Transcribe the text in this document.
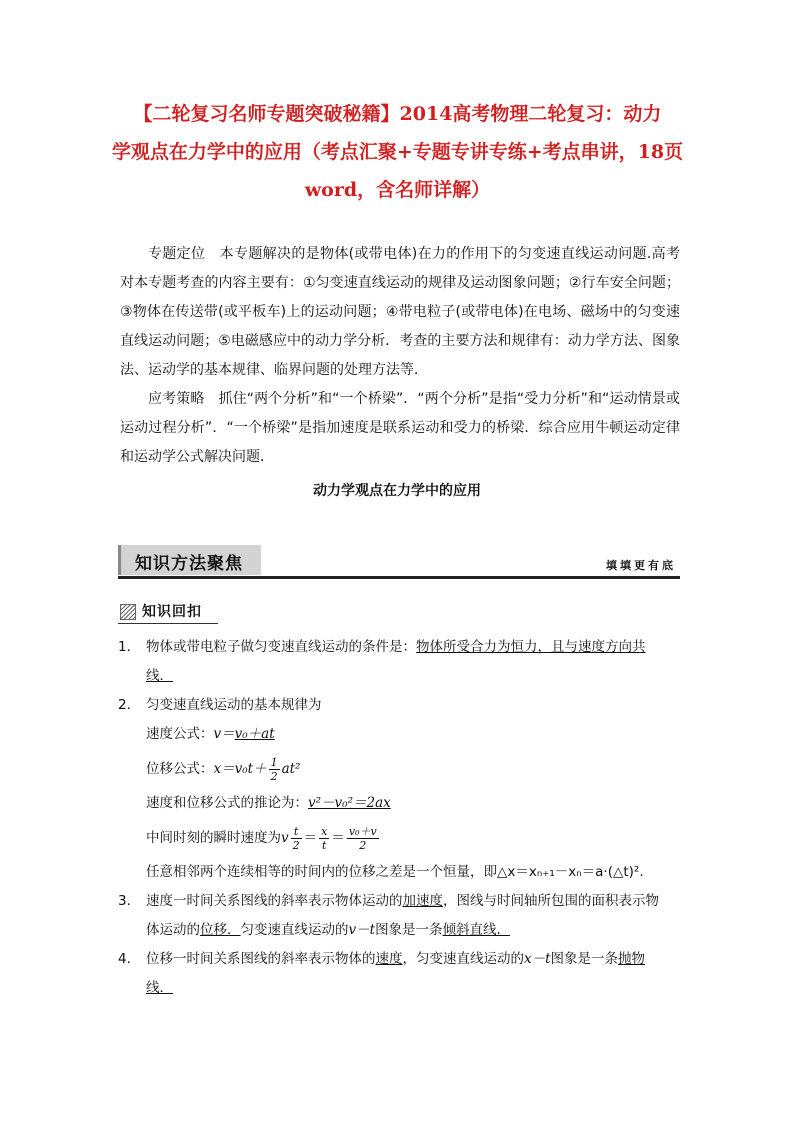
【二轮复习名师专题突破秘籍】2014高考物理二轮复习：动力
学观点在力学中的应用（考点汇聚+专题专讲专练+考点串讲，18页
word，含名师详解）

专题定位　本专题解决的是物体(或带电体)在力的作用下的匀变速直线运动问题.高考对本专题考查的内容主要有：①匀变速直线运动的规律及运动图象问题；②行车安全问题；③物体在传送带(或平板车)上的运动问题；④带电粒子(或带电体)在电场、磁场中的匀变速直线运动问题；⑤电磁感应中的动力学分析．考查的主要方法和规律有：动力学方法、图象法、运动学的基本规律、临界问题的处理方法等．

应考策略　抓住“两个分析”和“一个桥梁”．“两个分析”是指“受力分析”和“运动情景或运动过程分析”．“一个桥梁”是指加速度是联系运动和受力的桥梁．综合应用牛顿运动定律和运动学公式解决问题．

动力学观点在力学中的应用
知识方法聚焦	填填更有底
知识回扣
1． 物体或带电粒子做匀变速直线运动的条件是：物体所受合力为恒力，且与速度方向共
线．
2． 匀变速直线运动的基本规律为
速度公式：v＝v₀＋at
位移公式：$x=v_0t+ \frac{1}{2} at^2$
速度和位移公式的推论为：v²－v₀²＝2ax
中间时刻的瞬时速度为v $\frac{t}{2} = \frac{x}{t} = \frac{\text{v₀＋v}}{2}$
任意相邻两个连续相等的时间内的位移之差是一个恒量，即△x＝xₙ₊₁－xₙ＝a·(△t)².
3． 速度一时间关系图线的斜率表示物体运动的加速度，图线与时间轴所包围的面积表示物
体运动的位移．匀变速直线运动的v－t图象是一条倾斜直线．
4． 位移一时间关系图线的斜率表示物体的速度，匀变速直线运动的x－t图象是一条抛物
线．
